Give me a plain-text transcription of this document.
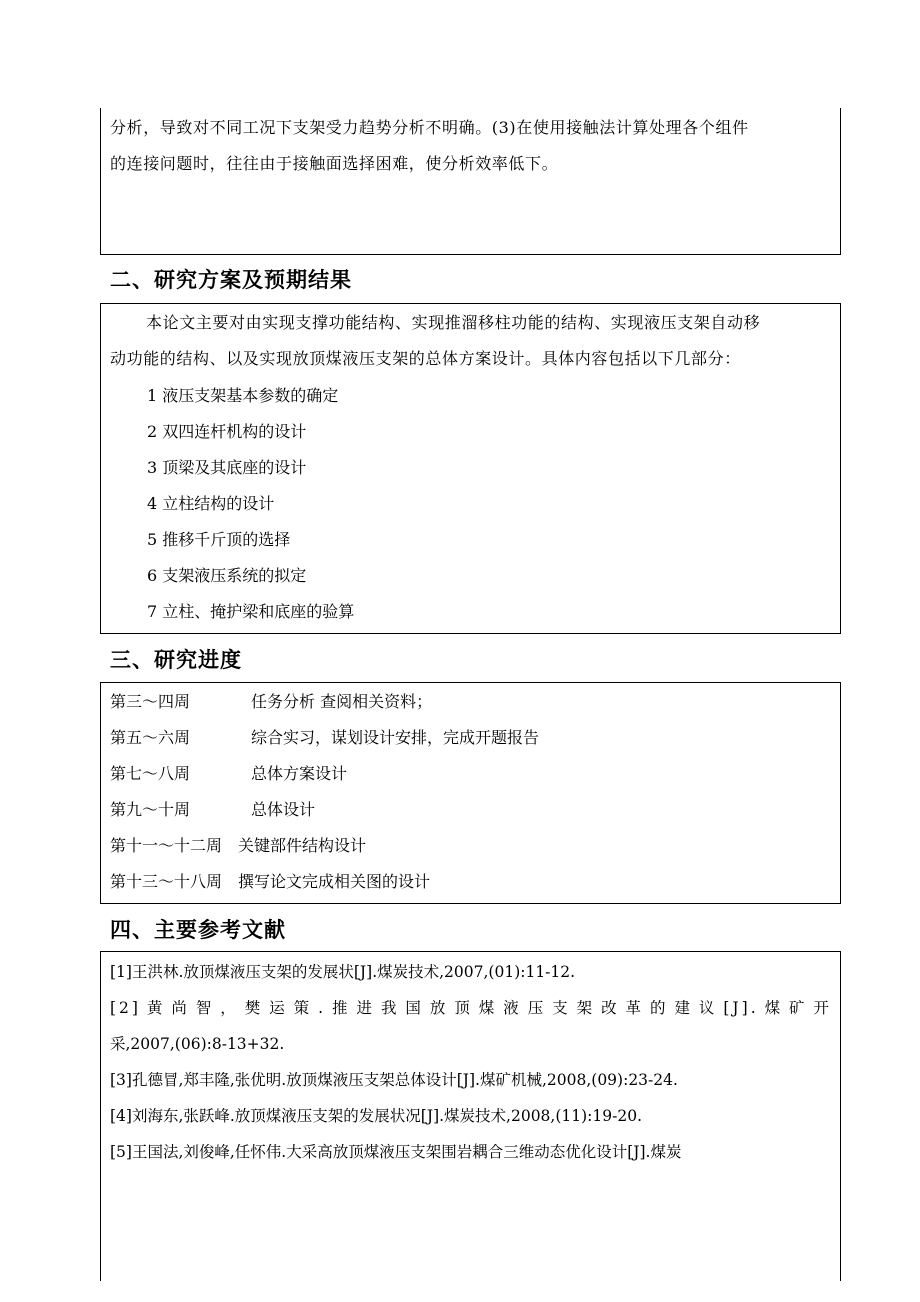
分析，导致对不同工况下支架受力趋势分析不明确。(3)在使用接触法计算处理各个组件
的连接问题时，往往由于接触面选择困难，使分析效率低下。
二、研究方案及预期结果
本论文主要对由实现支撑功能结构、实现推溜移柱功能的结构、实现液压支架自动移
动功能的结构、以及实现放顶煤液压支架的总体方案设计。具体内容包括以下几部分：
1 液压支架基本参数的确定
2 双四连杆机构的设计
3 顶梁及其底座的设计
4 立柱结构的设计
5 推移千斤顶的选择
6 支架液压系统的拟定
7 立柱、掩护梁和底座的验算
三、研究进度
第三～四周	任务分析 查阅相关资料；
第五～六周	综合实习，谋划设计安排，完成开题报告
第七～八周	总体方案设计
第九～十周	总体设计
第十一～十二周 关键部件结构设计
第十三～十八周 撰写论文完成相关图的设计
四、主要参考文献
[1]王洪林.放顶煤液压支架的发展状[J].煤炭技术,2007,(01):11-12.
[2]黄尚智，樊运策.推进我国放顶煤液压支架改革的建议[J].煤矿开
采,2007,(06):8-13+32.
[3]孔德冒,郑丰隆,张优明.放顶煤液压支架总体设计[J].煤矿机械,2008,(09):23-24.
[4]刘海东,张跃峰.放顶煤液压支架的发展状况[J].煤炭技术,2008,(11):19-20.
[5]王国法,刘俊峰,任怀伟.大采高放顶煤液压支架围岩耦合三维动态优化设计[J].煤炭
